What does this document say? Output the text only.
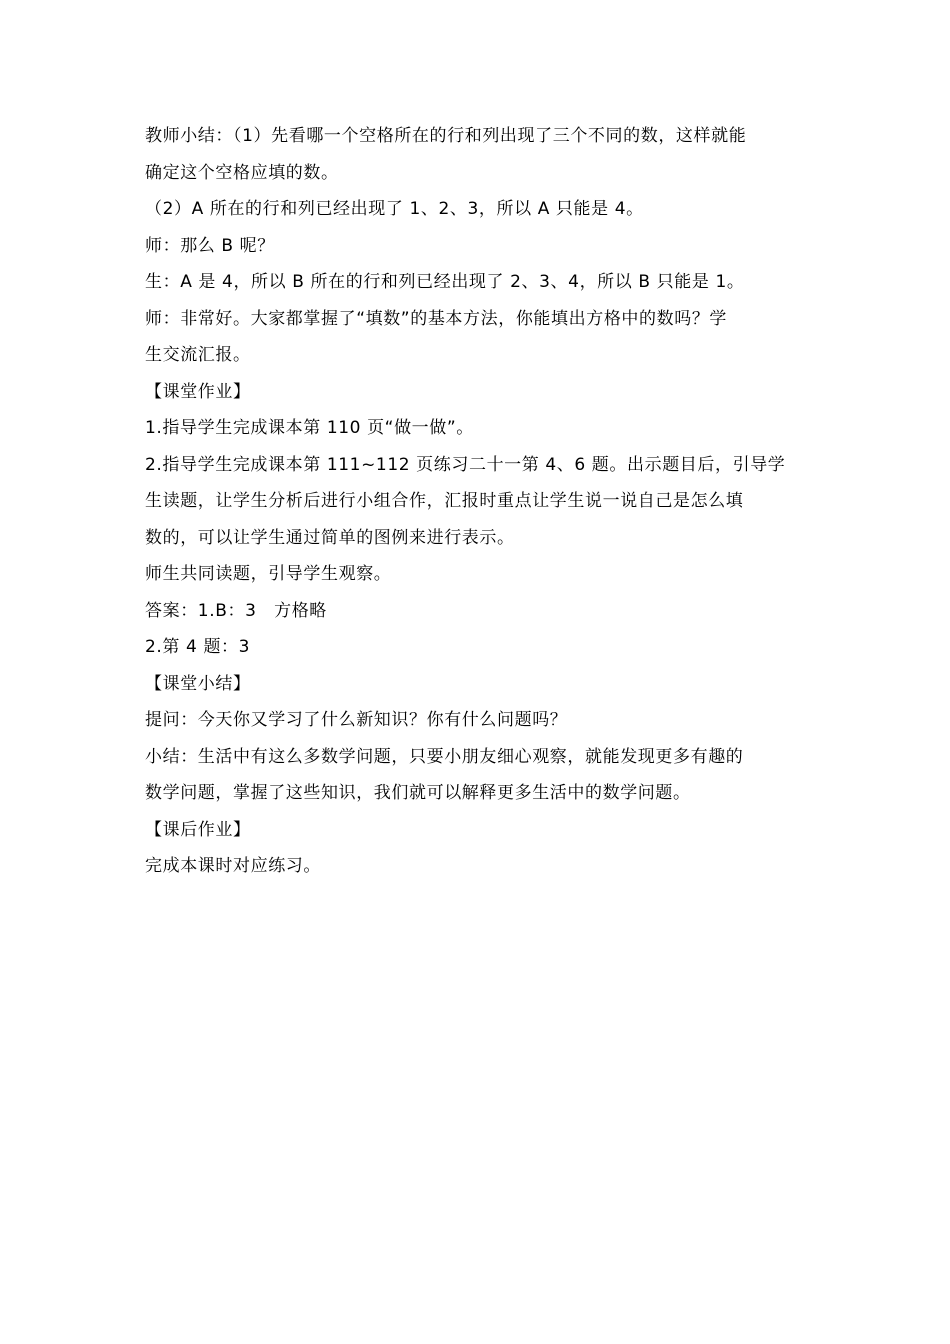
教师小结：（1）先看哪一个空格所在的行和列出现了三个不同的数，这样就能
确定这个空格应填的数。

（2）A 所在的行和列已经出现了 1、2、3，所以 A 只能是 4。

师：那么 B 呢？

生：A 是 4，所以 B 所在的行和列已经出现了 2、3、4，所以 B 只能是 1。

师：非常好。大家都掌握了“填数”的基本方法，你能填出方格中的数吗？学
生交流汇报。

【课堂作业】

1.指导学生完成课本第 110 页“做一做”。

2.指导学生完成课本第 111~112 页练习二十一第 4、6 题。出示题目后，引导学
生读题，让学生分析后进行小组合作，汇报时重点让学生说一说自己是怎么填
数的，可以让学生通过简单的图例来进行表示。

师生共同读题，引导学生观察。

答案：1.B：3　方格略

2.第 4 题：3

【课堂小结】

提问：今天你又学习了什么新知识？你有什么问题吗？

小结：生活中有这么多数学问题，只要小朋友细心观察，就能发现更多有趣的
数学问题，掌握了这些知识，我们就可以解释更多生活中的数学问题。

【课后作业】

完成本课时对应练习。
